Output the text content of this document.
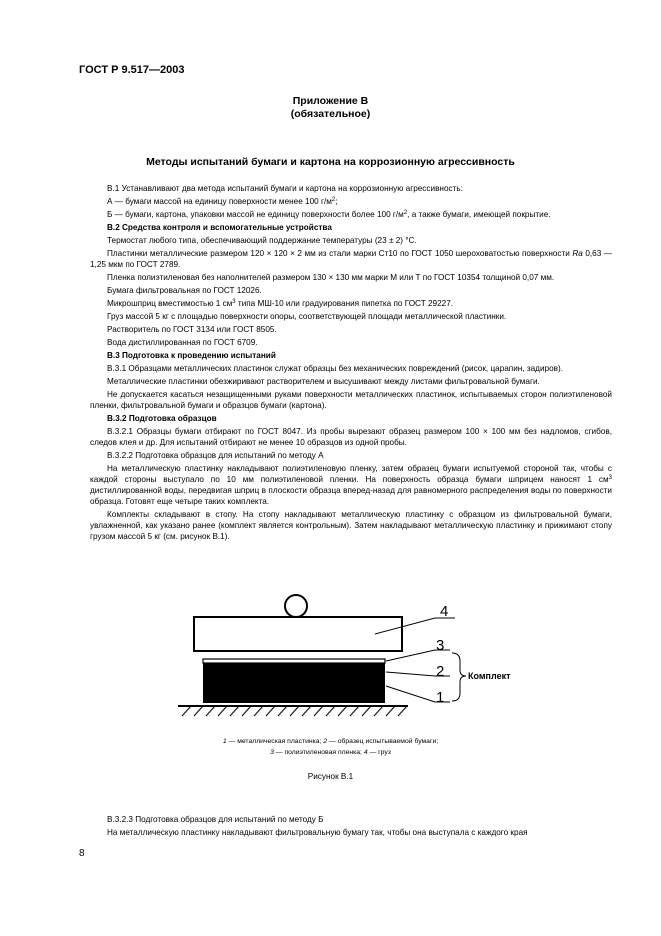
ГОСТ Р 9.517—2003
Приложение В
(обязательное)
Методы испытаний бумаги и картона на коррозионную агрессивность

В.1 Устанавливают два метода испытаний бумаги и картона на коррозионную агрессивность:

А — бумаги массой на единицу поверхности менее 100 $г/м^2$;

Б — бумаги, картона, упаковки массой не единицу поверхности более 100 $г/м^2$, а также бумаги, имеющей покрытие.

В.2 Средства контроля и вспомогательные устройства

Термостат любого типа, обеспечивающий поддержание температуры (23 ± 2) °С.

Пластинки металлические размером 120 × 120 × 2 мм из стали марки Ст10 по ГОСТ 1050 шероховатостью поверхности Ra 0,63 — 1,25 мкм по ГОСТ 2789.

Пленка полиэтиленовая без наполнителей размером 130 × 130 мм марки М или Т по ГОСТ 10354 толщиной 0,07 мм.

Бумага фильтровальная по ГОСТ 12026.

Микрошприц вместимостью 1 $см^3$ типа МШ-10 или градуирования пипетка по ГОСТ 29227.

Груз массой 5 кг с площадью поверхности опоры, соответствующей площади металлической пластинки.

Растворитель по ГОСТ 3134 или ГОСТ 8505.

Вода дистиллированная по ГОСТ 6709.

В.3 Подготовка к проведению испытаний

В.3.1 Образцами металлических пластинок служат образцы без механических повреждений (рисок, царапин, задиров).

Металлические пластинки обезжиривают растворителем и высушивают между листами фильтровальной бумаги.

Не допускается касаться незащищенными руками поверхности металлических пластинок, испытываемых сторон полиэтиленовой пленки, фильтровальной бумаги и образцов бумаги (картона).

В.3.2 Подготовка образцов

В.3.2.1 Образцы бумаги отбирают по ГОСТ 8047. Из пробы вырезают образец размером 100 × 100 мм без надломов, сгибов, следов клея и др. Для испытаний отбирают не менее 10 образцов из одной пробы.

В.3.2.2 Подготовка образцов для испытаний по методу А

На металлическую пластинку накладывают полиэтиленовую пленку, затем образец бумаги испытуемой стороной так, чтобы с каждой стороны выступало по 10 мм полиэтиленовой пленки. На поверхность образца бумаги шприцем наносят 1 $см^3$ дистиллированной воды, передвигая шприц в плоскости образца вперед-назад для равномерного распределения воды по поверхности образца. Готовят еще четыре таких комплекта.

Комплекты складывают в стопу. На стопу накладывают металлическую пластинку с образцом из фильтровальной бумаги, увлажненной, как указано ранее (комплект является контрольным). Затем накладывают металлическую пластинку и прижимают стопу грузом массой 5 кг (см. рисунок В.1).

4
3
2
1
Комплект
1 — металлическая пластинка; 2 — образец испытываемой бумаги;
3 — полиэтиленовая пленка; 4 — груз
Рисунок В.1

В.3.2.3 Подготовка образцов для испытаний по методу Б

На металлическую пластинку накладывают фильтровальную бумагу так, чтобы она выступала с каждого края

8
